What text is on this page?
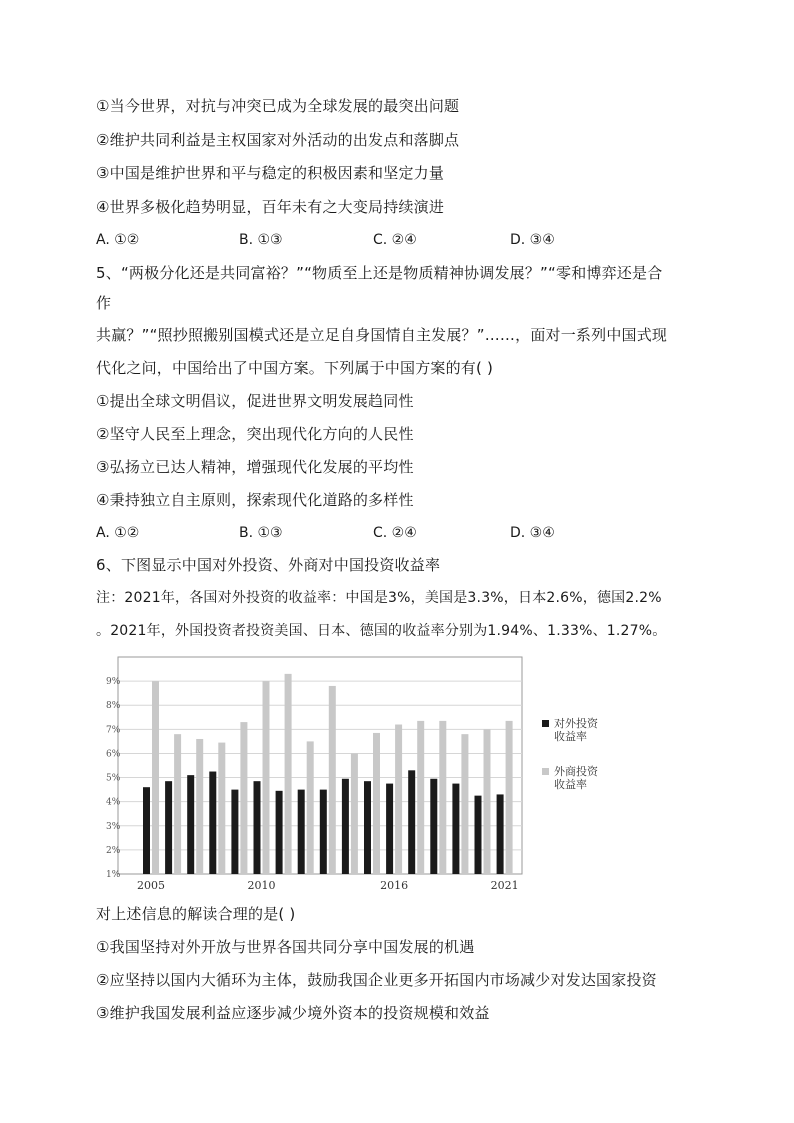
①当今世界，对抗与冲突已成为全球发展的最突出问题
②维护共同利益是主权国家对外活动的出发点和落脚点
③中国是维护世界和平与稳定的积极因素和坚定力量
④世界多极化趋势明显，百年未有之大变局持续演进
A. ①②	B. ①③	C. ②④	D. ③④
5、“两极分化还是共同富裕？”“物质至上还是物质精神协调发展？”“零和博弈还是合
作
共赢？”“照抄照搬别国模式还是立足自身国情自主发展？”……，面对一系列中国式现
代化之问，中国给出了中国方案。下列属于中国方案的有( )
①提出全球文明倡议，促进世界文明发展趋同性
②坚守人民至上理念，突出现代化方向的人民性
③弘扬立已达人精神，增强现代化发展的平均性
④秉持独立自主原则，探索现代化道路的多样性
A. ①②	B. ①③	C. ②④	D. ③④
6、下图显示中国对外投资、外商对中国投资收益率
注：2021年，各国对外投资的收益率：中国是3%，美国是3.3%，日本2.6%，德国2.2%
。2021年，外国投资者投资美国、日本、德国的收益率分别为1.94%、1.33%、1.27%。
1%
2%
3%
4%
5%
6%
7%
8%
9%
2005	2010	2016	2021
对外投资
收益率
外商投资
收益率
对上述信息的解读合理的是( )
①我国坚持对外开放与世界各国共同分享中国发展的机遇
②应坚持以国内大循环为主体，鼓励我国企业更多开拓国内市场减少对发达国家投资
③维护我国发展利益应逐步减少境外资本的投资规模和效益
